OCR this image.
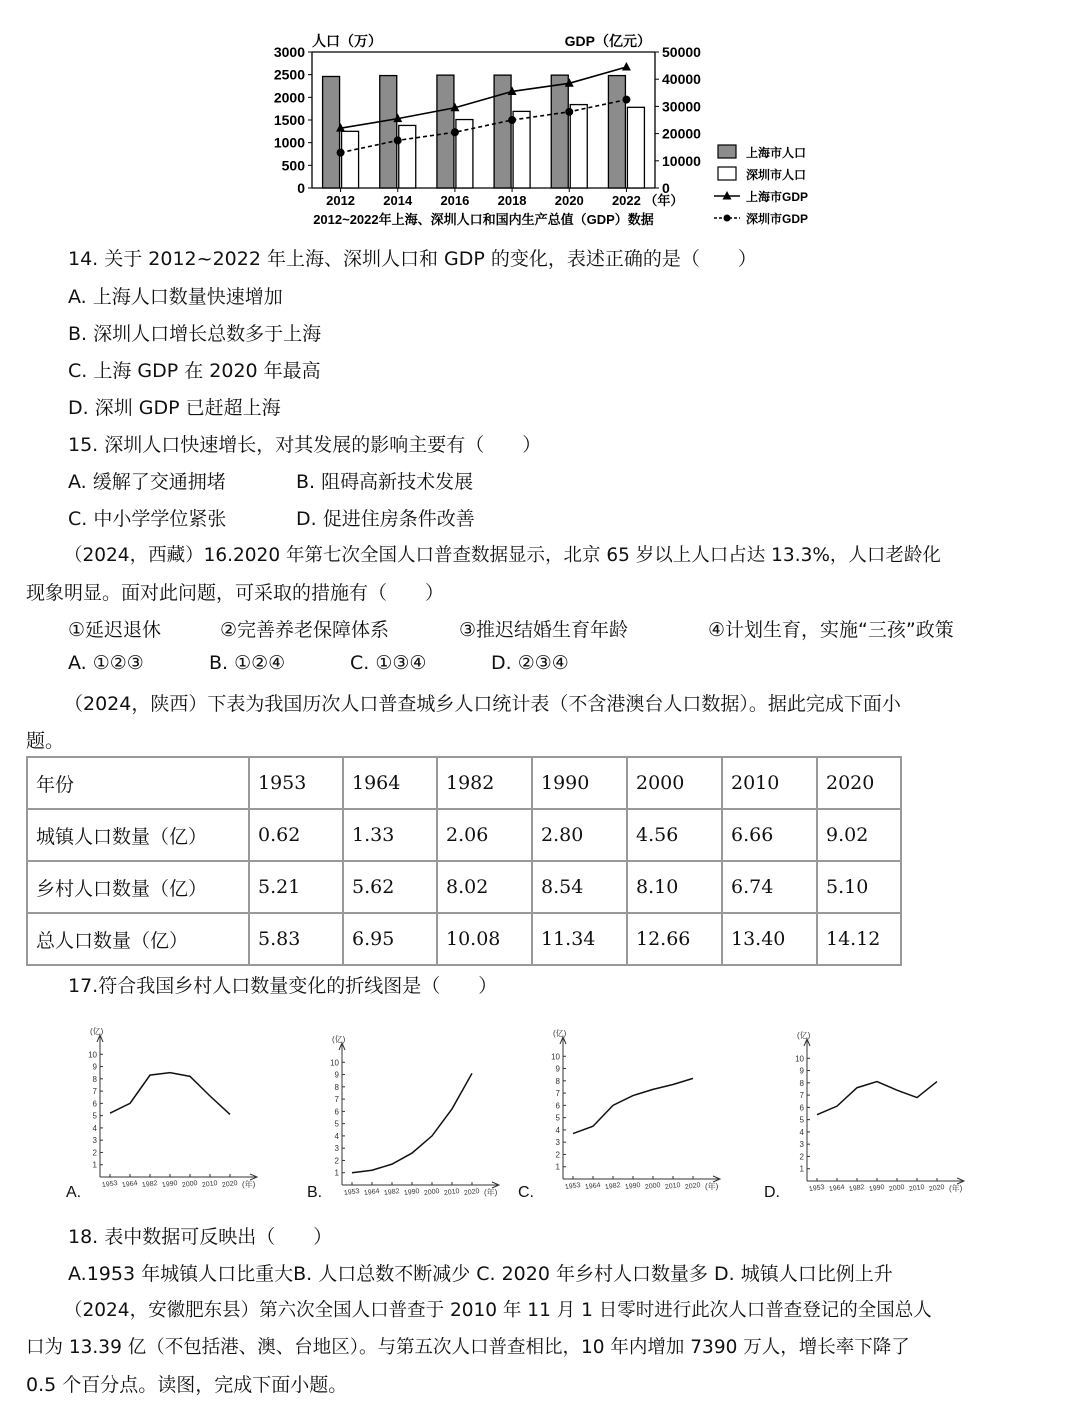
0
500
1000
1500
2000
2500
3000
0
10000
20000
30000
40000
50000
2012 2014 2016 2018 2020 2022 （年）
人口（万）	GDP（亿元）
2012~2022年上海、深圳人口和国内生产总值（GDP）数据
上海市人口
深圳市人口
上海市GDP
深圳市GDP
14. 关于 2012~2022 年上海、深圳人口和 GDP 的变化，表述正确的是（　　）
A. 上海人口数量快速增加
B. 深圳人口增长总数多于上海
C. 上海 GDP 在 2020 年最高
D. 深圳 GDP 已赶超上海
15. 深圳人口快速增长，对其发展的影响主要有（　　）
A. 缓解了交通拥堵	B. 阻碍高新技术发展
C. 中小学学位紧张	D. 促进住房条件改善
（2024，西藏）16.2020 年第七次全国人口普查数据显示，北京 65 岁以上人口占达 13.3%，人口老龄化
现象明显。面对此问题，可采取的措施有（　　）
①延迟退休	②完善养老保障体系	③推迟结婚生育年龄	④计划生育，实施“三孩”政策
A. ①②③	B. ①②④	C. ①③④	D. ②③④
（2024，陕西）下表为我国历次人口普查城乡人口统计表（不含港澳台人口数据）。据此完成下面小
题。
年份	1953	1964	1982	1990	2000	2010	2020
城镇人口数量（亿）	0.62	1.33	2.06	2.80	4.56	6.66	9.02
乡村人口数量（亿）	5.21	5.62	8.02	8.54	8.10	6.74	5.10
总人口数量（亿）	5.83	6.95	10.08	11.34	12.66	13.40	14.12
17.符合我国乡村人口数量变化的折线图是（　　）
(亿)
1
2
3
4
5
6
7
8
9
10
1953 1964 1982 1990 2000 2010 2020 (年)
A.
(亿)
1
2
3
4
5
6
7
8
9
10
1953 1964 1982 1990 2000 2010 2020 (年)
B.
(亿)
1
2
3
4
5
6
7
8
9
10
1953 1964 1982 1990 2000 2010 2020 (年)
C.
(亿)
1
2
3
4
5
6
7
8
9
10
1953 1964 1982 1990 2000 2010 2020 (年)
D.
18. 表中数据可反映出（　　）
A.1953 年城镇人口比重大B. 人口总数不断减少 C. 2020 年乡村人口数量多 D. 城镇人口比例上升
（2024，安徽肥东县）第六次全国人口普查于 2010 年 11 月 1 日零时进行此次人口普查登记的全国总人
口为 13.39 亿（不包括港、澳、台地区）。与第五次人口普查相比，10 年内增加 7390 万人，增长率下降了
0.5 个百分点。读图，完成下面小题。
